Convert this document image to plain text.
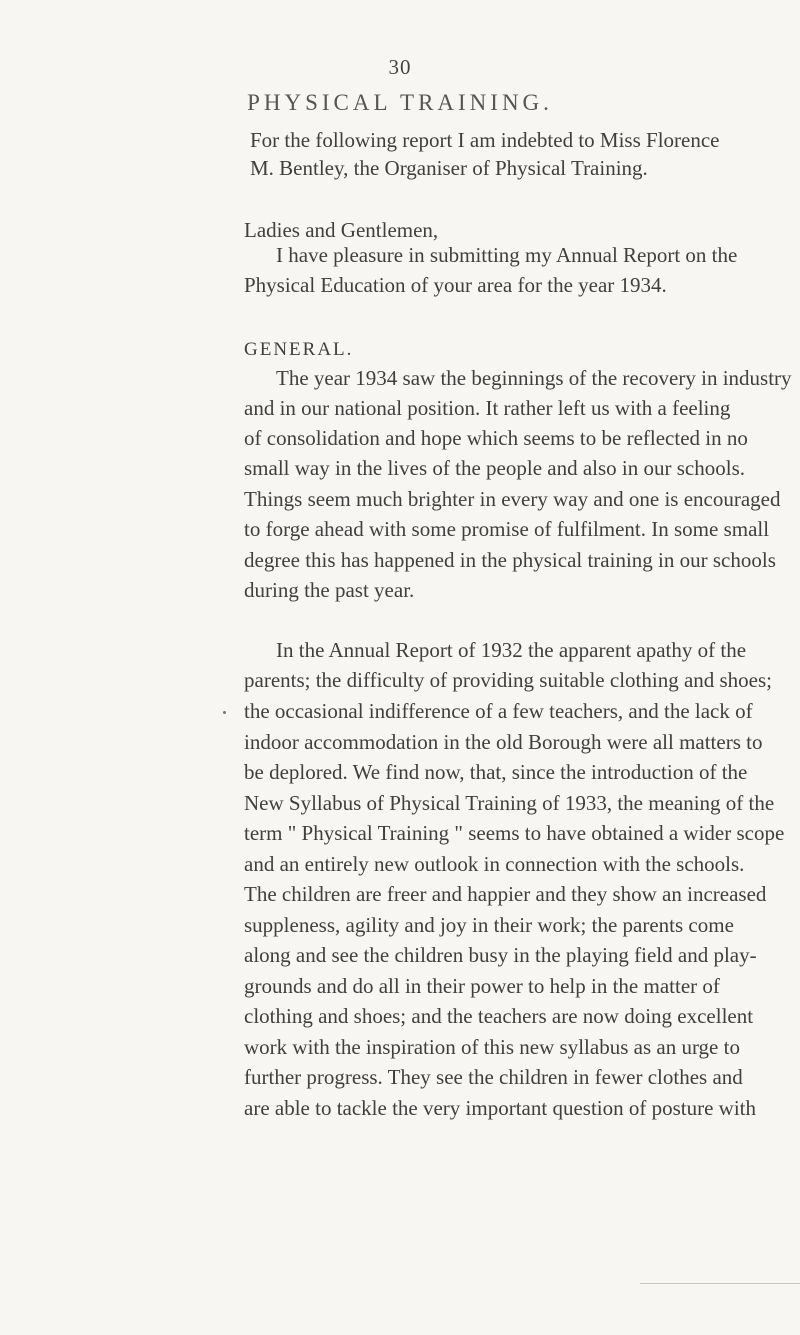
30
PHYSICAL TRAINING.
For the following report I am indebted to Miss Florence
M. Bentley, the Organiser of Physical Training.
Ladies and Gentlemen,
I have pleasure in submitting my Annual Report on the
Physical Education of your area for the year 1934.
GENERAL.
The year 1934 saw the beginnings of the recovery in industry
and in our national position. It rather left us with a feeling
of consolidation and hope which seems to be reflected in no
small way in the lives of the people and also in our schools.
Things seem much brighter in every way and one is encouraged
to forge ahead with some promise of fulfilment. In some small
degree this has happened in the physical training in our schools
during the past year.
In the Annual Report of 1932 the apparent apathy of the
parents; the difficulty of providing suitable clothing and shoes;
the occasional indifference of a few teachers, and the lack of
indoor accommodation in the old Borough were all matters to
be deplored. We find now, that, since the introduction of the
New Syllabus of Physical Training of 1933, the meaning of the
term " Physical Training " seems to have obtained a wider scope
and an entirely new outlook in connection with the schools.
The children are freer and happier and they show an increased
suppleness, agility and joy in their work; the parents come
along and see the children busy in the playing field and play-
grounds and do all in their power to help in the matter of
clothing and shoes; and the teachers are now doing excellent
work with the inspiration of this new syllabus as an urge to
further progress. They see the children in fewer clothes and
are able to tackle the very important question of posture with
